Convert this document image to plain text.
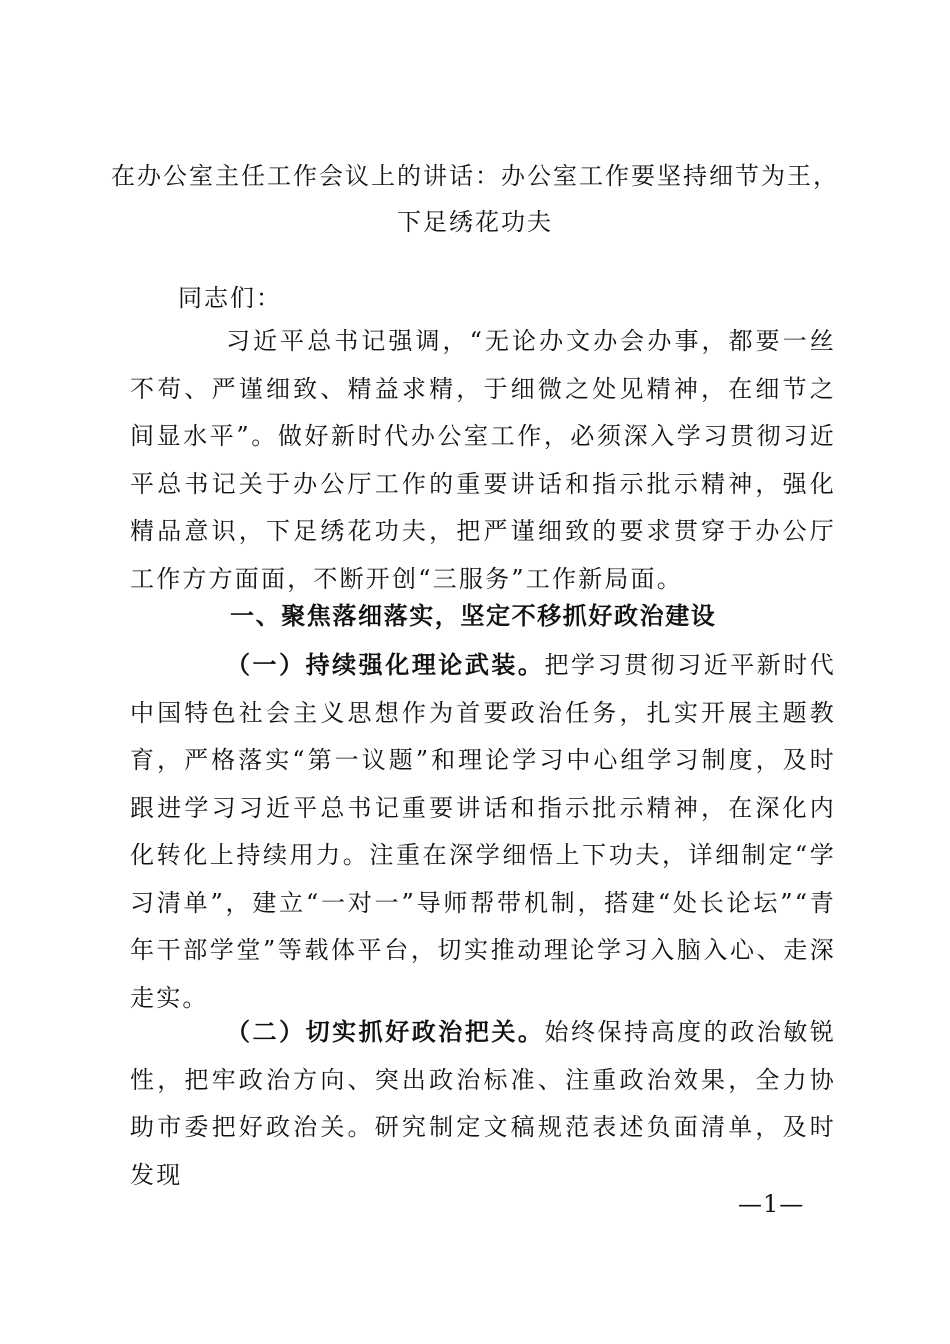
在办公室主任工作会议上的讲话：办公室工作要坚持细节为王，
下足绣花功夫
同志们：
习近平总书记强调，“无论办文办会办事，都要一丝不苟、严谨细致、精益求精，于细微之处见精神，在细节之间显水平”。做好新时代办公室工作，必须深入学习贯彻习近平总书记关于办公厅工作的重要讲话和指示批示精神，强化精品意识，下足绣花功夫，把严谨细致的要求贯穿于办公厅工作方方面面，不断开创“三服务”工作新局面。
一、聚焦落细落实，坚定不移抓好政治建设
（一）持续强化理论武装。把学习贯彻习近平新时代中国特色社会主义思想作为首要政治任务，扎实开展主题教育，严格落实“第一议题”和理论学习中心组学习制度，及时跟进学习习近平总书记重要讲话和指示批示精神，在深化内化转化上持续用力。注重在深学细悟上下功夫，详细制定“学习清单”，建立“一对一”导师帮带机制，搭建“处长论坛”“青年干部学堂”等载体平台，切实推动理论学习入脑入心、走深走实。
（二）切实抓好政治把关。始终保持高度的政治敏锐性，把牢政治方向、突出政治标准、注重政治效果，全力协助市委把好政治关。研究制定文稿规范表述负面清单，及时发现
—1—
